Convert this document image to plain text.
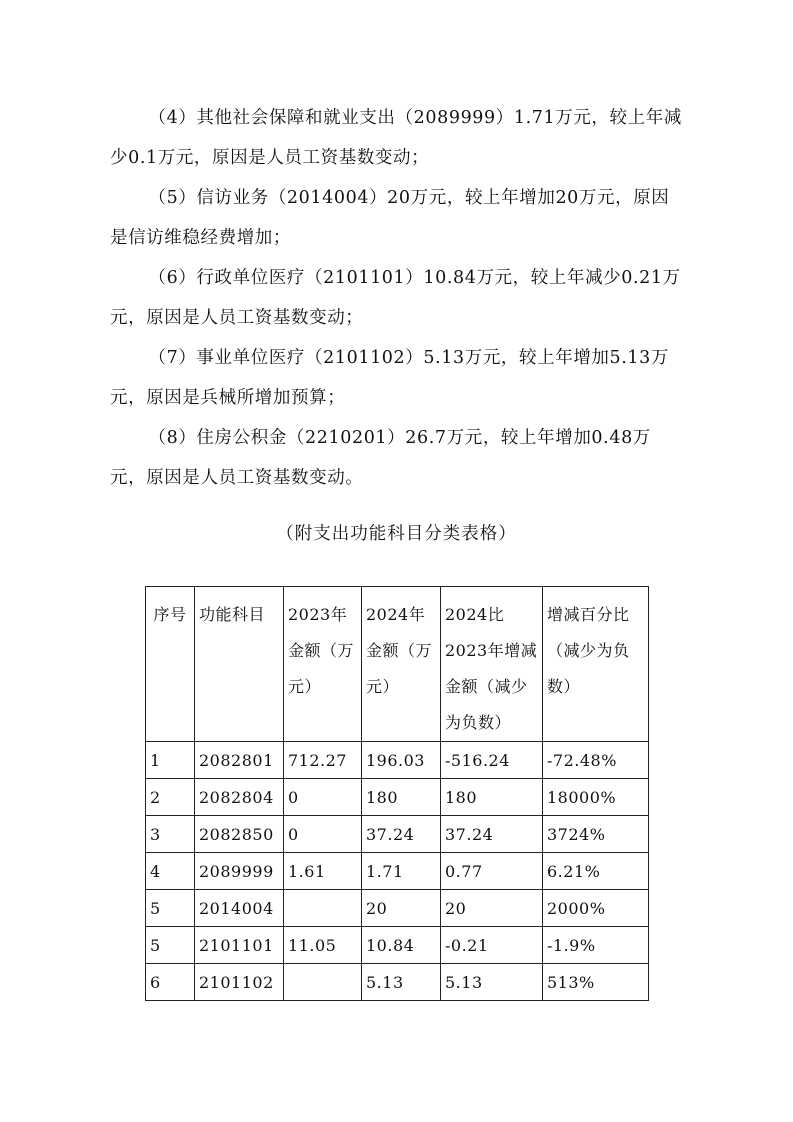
（4）其他社会保障和就业支出（2089999）1.71万元，较上年减少0.1万元，原因是人员工资基数变动；
（5）信访业务（2014004）20万元，较上年增加20万元，原因是信访维稳经费增加；
（6）行政单位医疗（2101101）10.84万元，较上年减少0.21万元，原因是人员工资基数变动；
（7）事业单位医疗（2101102）5.13万元，较上年增加5.13万元，原因是兵械所增加预算；
（8）住房公积金（2210201）26.7万元，较上年增加0.48万元，原因是人员工资基数变动。
（附支出功能科目分类表格）
序号	功能科目	2023年金额（万元）	2024年金额（万元）	2024比2023年增减金额（减少为负数）	增减百分比（减少为负数）
1	2082801	712.27	196.03	-516.24	-72.48%
2	2082804	0	180	180	18000%
3	2082850	0	37.24	37.24	3724%
4	2089999	1.61	1.71	0.77	6.21%
5	2014004		20	20	2000%
5	2101101	11.05	10.84	-0.21	-1.9%
6	2101102		5.13	5.13	513%
